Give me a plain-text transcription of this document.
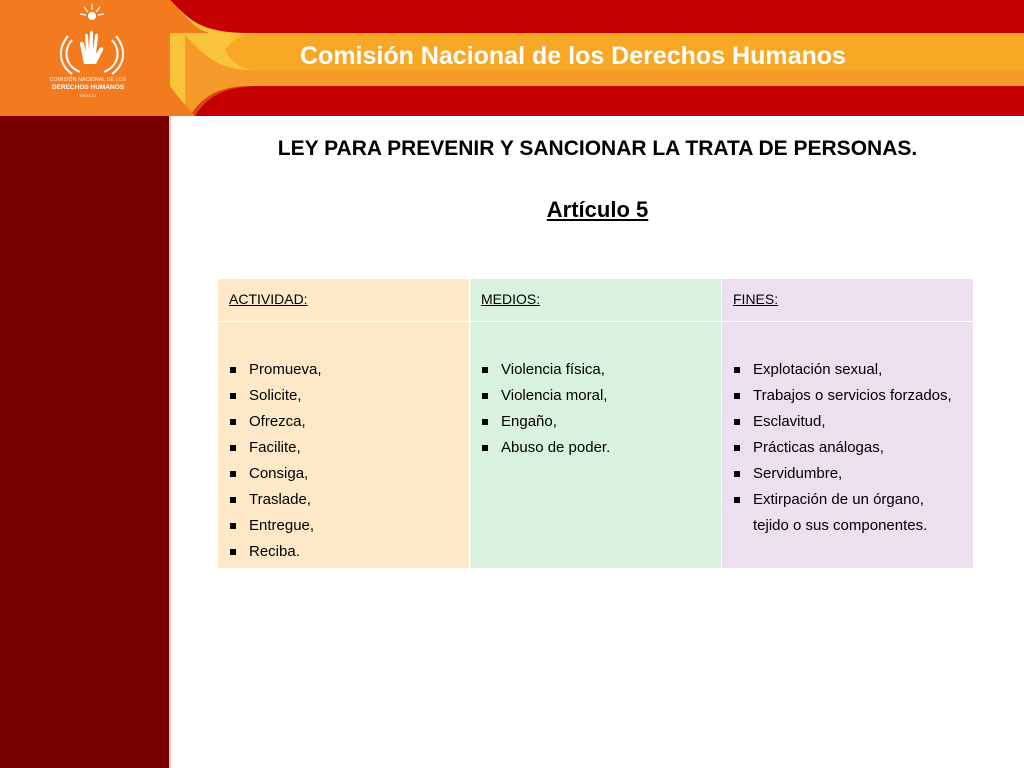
COMISIÓN NACIONAL DE LOS
DERECHOS HUMANOS
MÉXICO
Comisión Nacional de los Derechos Humanos
LEY PARA PREVENIR Y SANCIONAR LA TRATA DE PERSONAS.
Artículo 5
ACTIVIDAD:
Promueva,
Solicite,
Ofrezca,
Facilite,
Consiga,
Traslade,
Entregue,
Reciba.
MEDIOS:
Violencia física,
Violencia moral,
Engaño,
Abuso de poder.
FINES:
Explotación sexual,
Trabajos o servicios forzados,
Esclavitud,
Prácticas análogas,
Servidumbre,
Extirpación de un órgano, tejido o sus componentes.
